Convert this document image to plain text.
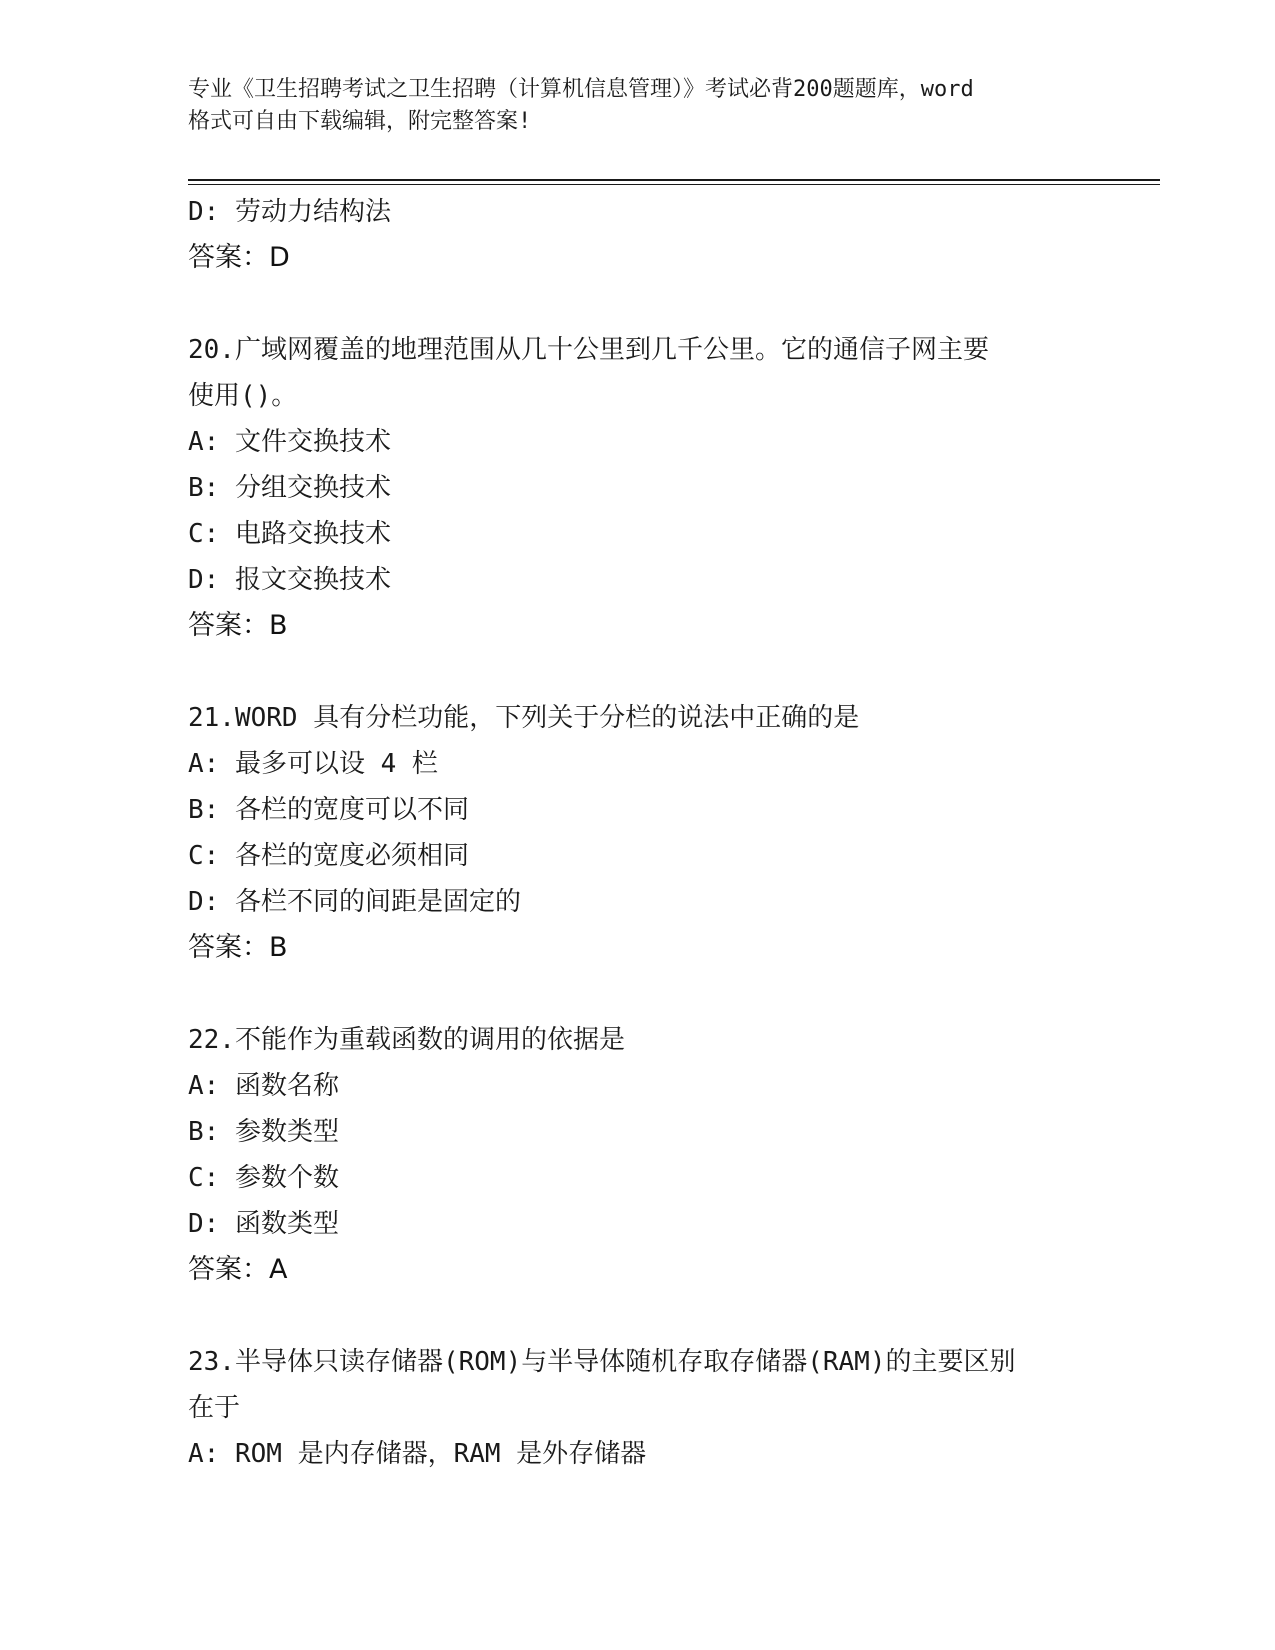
专业《卫生招聘考试之卫生招聘（计算机信息管理）》考试必背200题题库，word
格式可自由下载编辑，附完整答案!
D: 劳动力结构法
答案：D
20.广域网覆盖的地理范围从几十公里到几千公里。它的通信子网主要
使用()。
A: 文件交换技术
B: 分组交换技术
C: 电路交换技术
D: 报文交换技术
答案：B
21.WORD 具有分栏功能，下列关于分栏的说法中正确的是
A: 最多可以设 4 栏
B: 各栏的宽度可以不同
C: 各栏的宽度必须相同
D: 各栏不同的间距是固定的
答案：B
22.不能作为重载函数的调用的依据是
A: 函数名称
B: 参数类型
C: 参数个数
D: 函数类型
答案：A
23.半导体只读存储器(ROM)与半导体随机存取存储器(RAM)的主要区别
在于
A: ROM 是内存储器，RAM 是外存储器
